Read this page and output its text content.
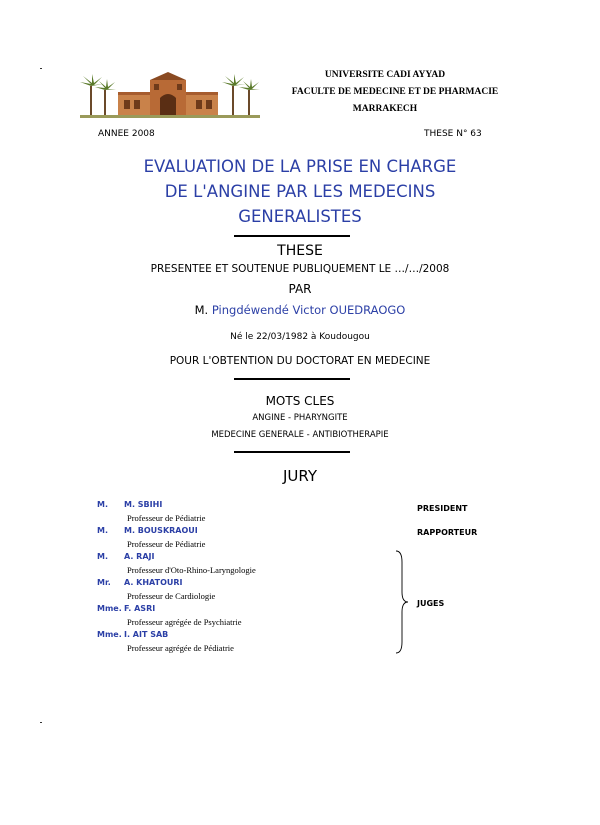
UNIVERSITE CADI AYYAD
FACULTE DE MEDECINE ET DE PHARMACIE
MARRAKECH
ANNEE 2008	THESE N° 63
EVALUATION DE LA PRISE EN CHARGE
DE L'ANGINE PAR LES MEDECINS
GENERALISTES
THESE
PRESENTEE ET SOUTENUE PUBLIQUEMENT LE …/…/2008
PAR
M. Pingdéwendé Victor OUEDRAOGO
Né le 22/03/1982 à Koudougou
POUR L'OBTENTION DU DOCTORAT EN MEDECINE
MOTS CLES
ANGINE - PHARYNGITE
MEDECINE GENERALE - ANTIBIOTHERAPIE
JURY
M. M. SBIHI
Professeur de Pédiatrie
M. M. BOUSKRAOUI
Professeur de Pédiatrie
M. A. RAJI
Professeur d'Oto-Rhino-Laryngologie
Mr. A. KHATOURI
Professeur de Cardiologie
Mme. F. ASRI
Professeur agrégée de Psychiatrie
Mme. I. AIT SAB
Professeur agrégée de Pédiatrie
PRESIDENT
RAPPORTEUR
JUGES
